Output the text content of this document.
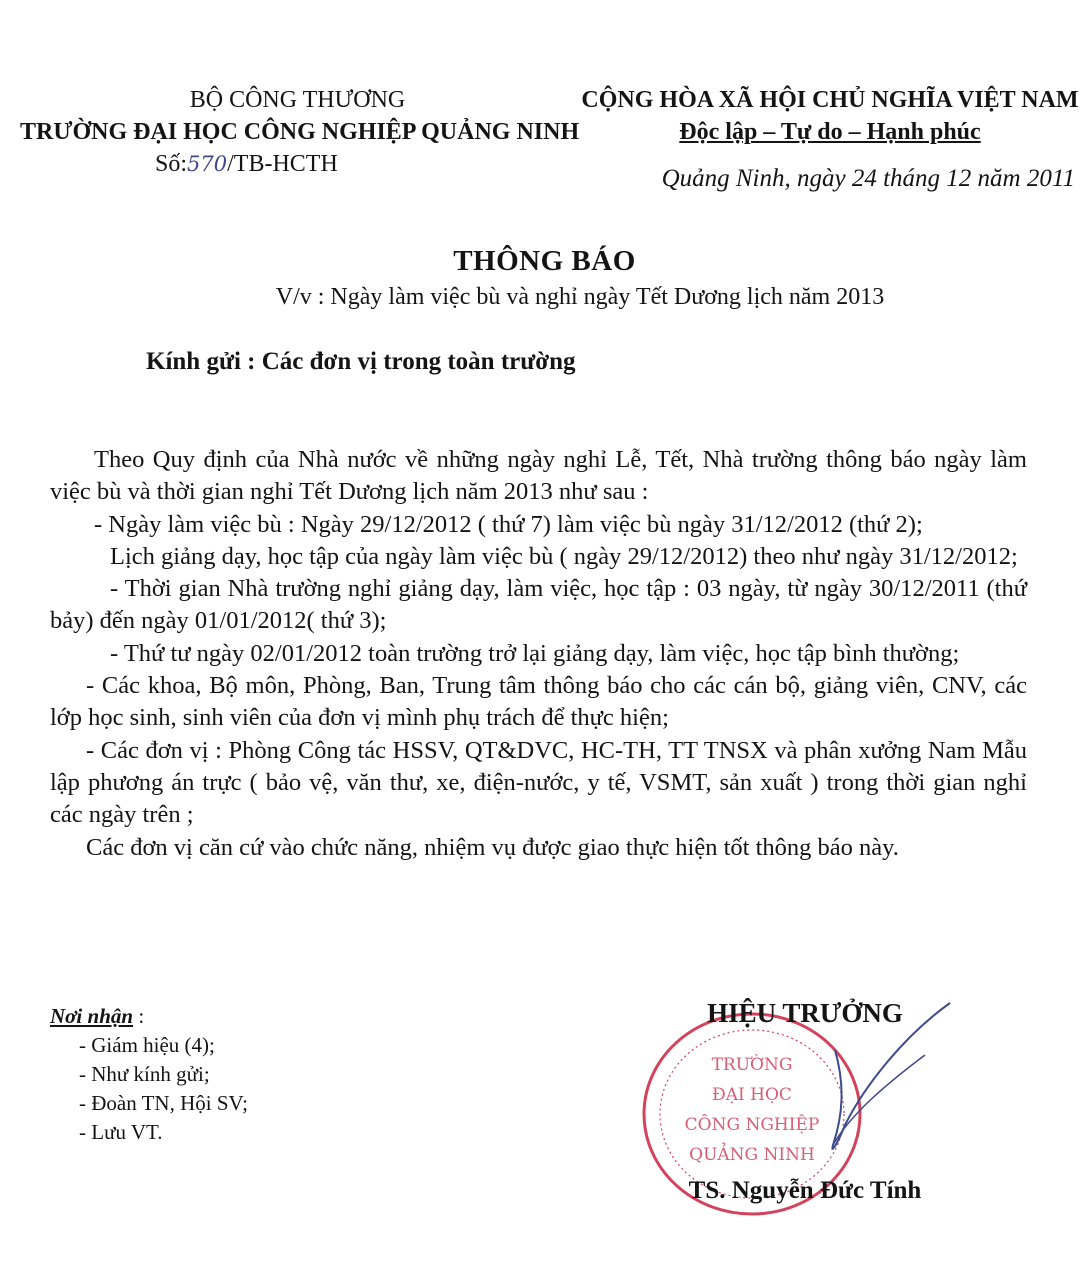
BỘ CÔNG THƯƠNG
TRƯỜNG ĐẠI HỌC CÔNG NGHIỆP QUẢNG NINH
Số:570/TB-HCTH
CỘNG HÒA XÃ HỘI CHỦ NGHĨA VIỆT NAM
Độc lập – Tự do – Hạnh phúc
Quảng Ninh, ngày 24 tháng 12 năm 2011
THÔNG BÁO
V/v : Ngày làm việc bù và nghỉ ngày Tết Dương lịch năm 2013
Kính gửi : Các đơn vị trong toàn trường

Theo Quy định của Nhà nước về những ngày nghỉ Lễ, Tết, Nhà trường thông báo ngày làm việc bù và thời gian nghỉ Tết Dương lịch năm 2013 như sau :

- Ngày làm việc bù : Ngày 29/12/2012 ( thứ 7) làm việc bù ngày 31/12/2012 (thứ 2);

Lịch giảng dạy, học tập của ngày làm việc bù ( ngày 29/12/2012) theo như ngày 31/12/2012;

- Thời gian Nhà trường nghỉ giảng dạy, làm việc, học tập : 03 ngày, từ ngày 30/12/2011 (thứ bảy) đến ngày 01/01/2012( thứ 3);

- Thứ tư ngày 02/01/2012 toàn trường trở lại giảng dạy, làm việc, học tập bình thường;

- Các khoa, Bộ môn, Phòng, Ban, Trung tâm thông báo cho các cán bộ, giảng viên, CNV, các lớp học sinh, sinh viên của đơn vị mình phụ trách để thực hiện;

- Các đơn vị : Phòng Công tác HSSV, QT&DVC, HC-TH, TT TNSX và phân xưởng Nam Mẫu lập phương án trực ( bảo vệ, văn thư, xe, điện-nước, y tế, VSMT, sản xuất ) trong thời gian nghỉ các ngày trên ;

Các đơn vị căn cứ vào chức năng, nhiệm vụ được giao thực hiện tốt thông báo này.

Nơi nhận :
- Giám hiệu (4);
- Như kính gửi;
- Đoàn TN, Hội SV;
- Lưu VT.
TRƯỜNG
ĐẠI HỌC
CÔNG NGHIỆP
QUẢNG NINH
HIỆU TRƯỞNG
TS. Nguyễn Đức Tính
